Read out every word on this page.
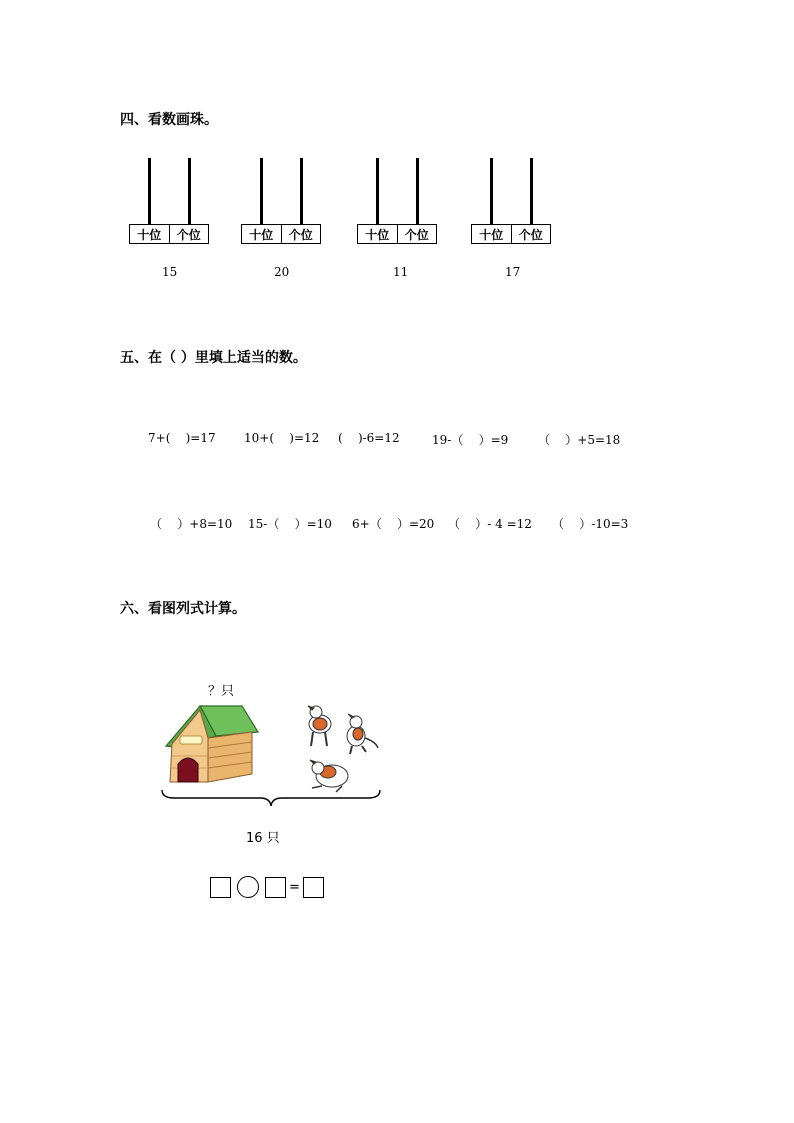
四、看数画珠。
十位	个位	十位	个位	十位	个位	十位	个位
15	20	11	17
五、在（ ）里填上适当的数。
7+(    )=17 10+(    )=12 (    )-6=12	19-（    ）=9 （    ）+5=18
（    ）+8=10 15-（    ）=10 6+（    ）=20 （    ）- 4 =12 （    ）-10=3
六、看图列式计算。
？只
16 只
=
